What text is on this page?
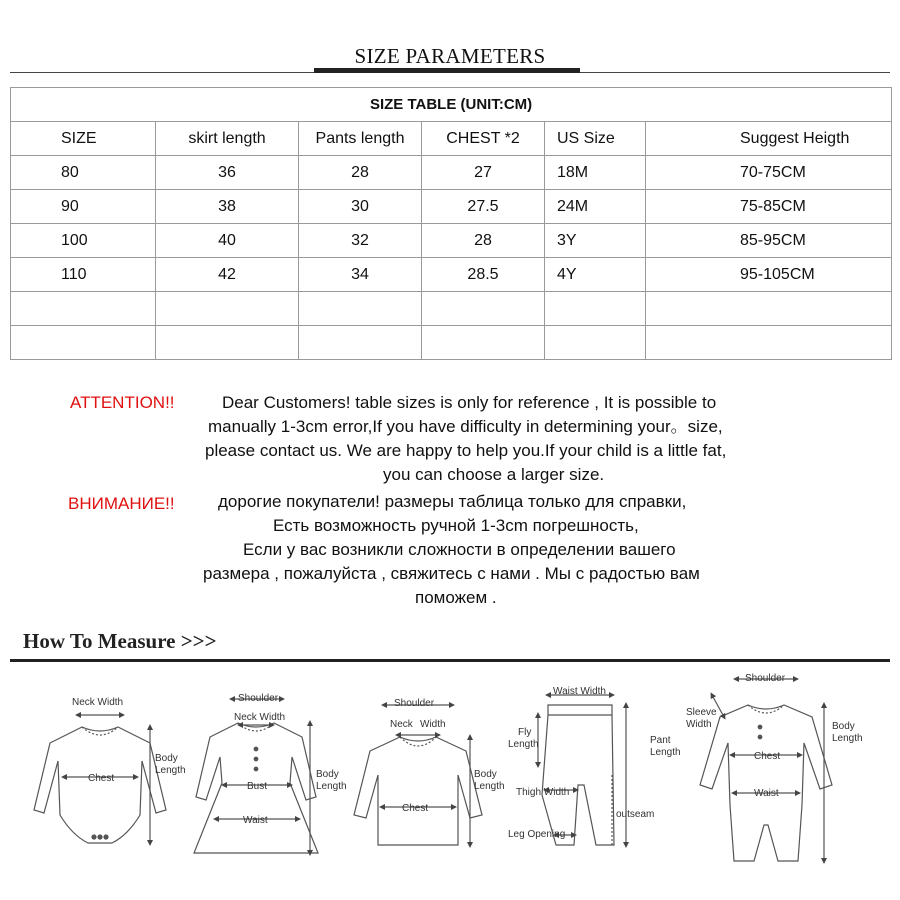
SIZE PARAMETERS
SIZE TABLE (UNIT:CM)					
SIZE	skirt length	Pants length	CHEST *2	US Size	Suggest Heigth
80	36	28	27	18M	70-75CM
90	38	30	27.5	24M	75-85CM
100	40	32	28	3Y	85-95CM
110	42	34	28.5	4Y	95-105CM

ATTENTION!!	Dear Customers! table sizes is only for reference , It is possible to
manually 1-3cm error,If you have difficulty in determining your。size,
please contact us. We are happy to help you.If your child is a little fat,
you can choose a larger size.
ВНИМАНИЕ!!	дорогие покупатели! размеры таблица только для справки,
Есть возможность ручной 1-3cm погрешность,
Если у вас возникли сложности в определении вашего
размера , пожалуйста , свяжитесь с нами . Мы с радостью вам
поможем .
How To Measure >>>
Neck Width
Chest
Body
Length
Shoulder
Neck Width
Bust
Waist
Body
Length
Shoulder
Neck Width
Chest
Body
Length
Waist Width
Fly
Length	Pant
Length
Thigh Width
outseam
Leg Opening
Shoulder
Sleeve
Width
Chest
Waist
Body
Length
